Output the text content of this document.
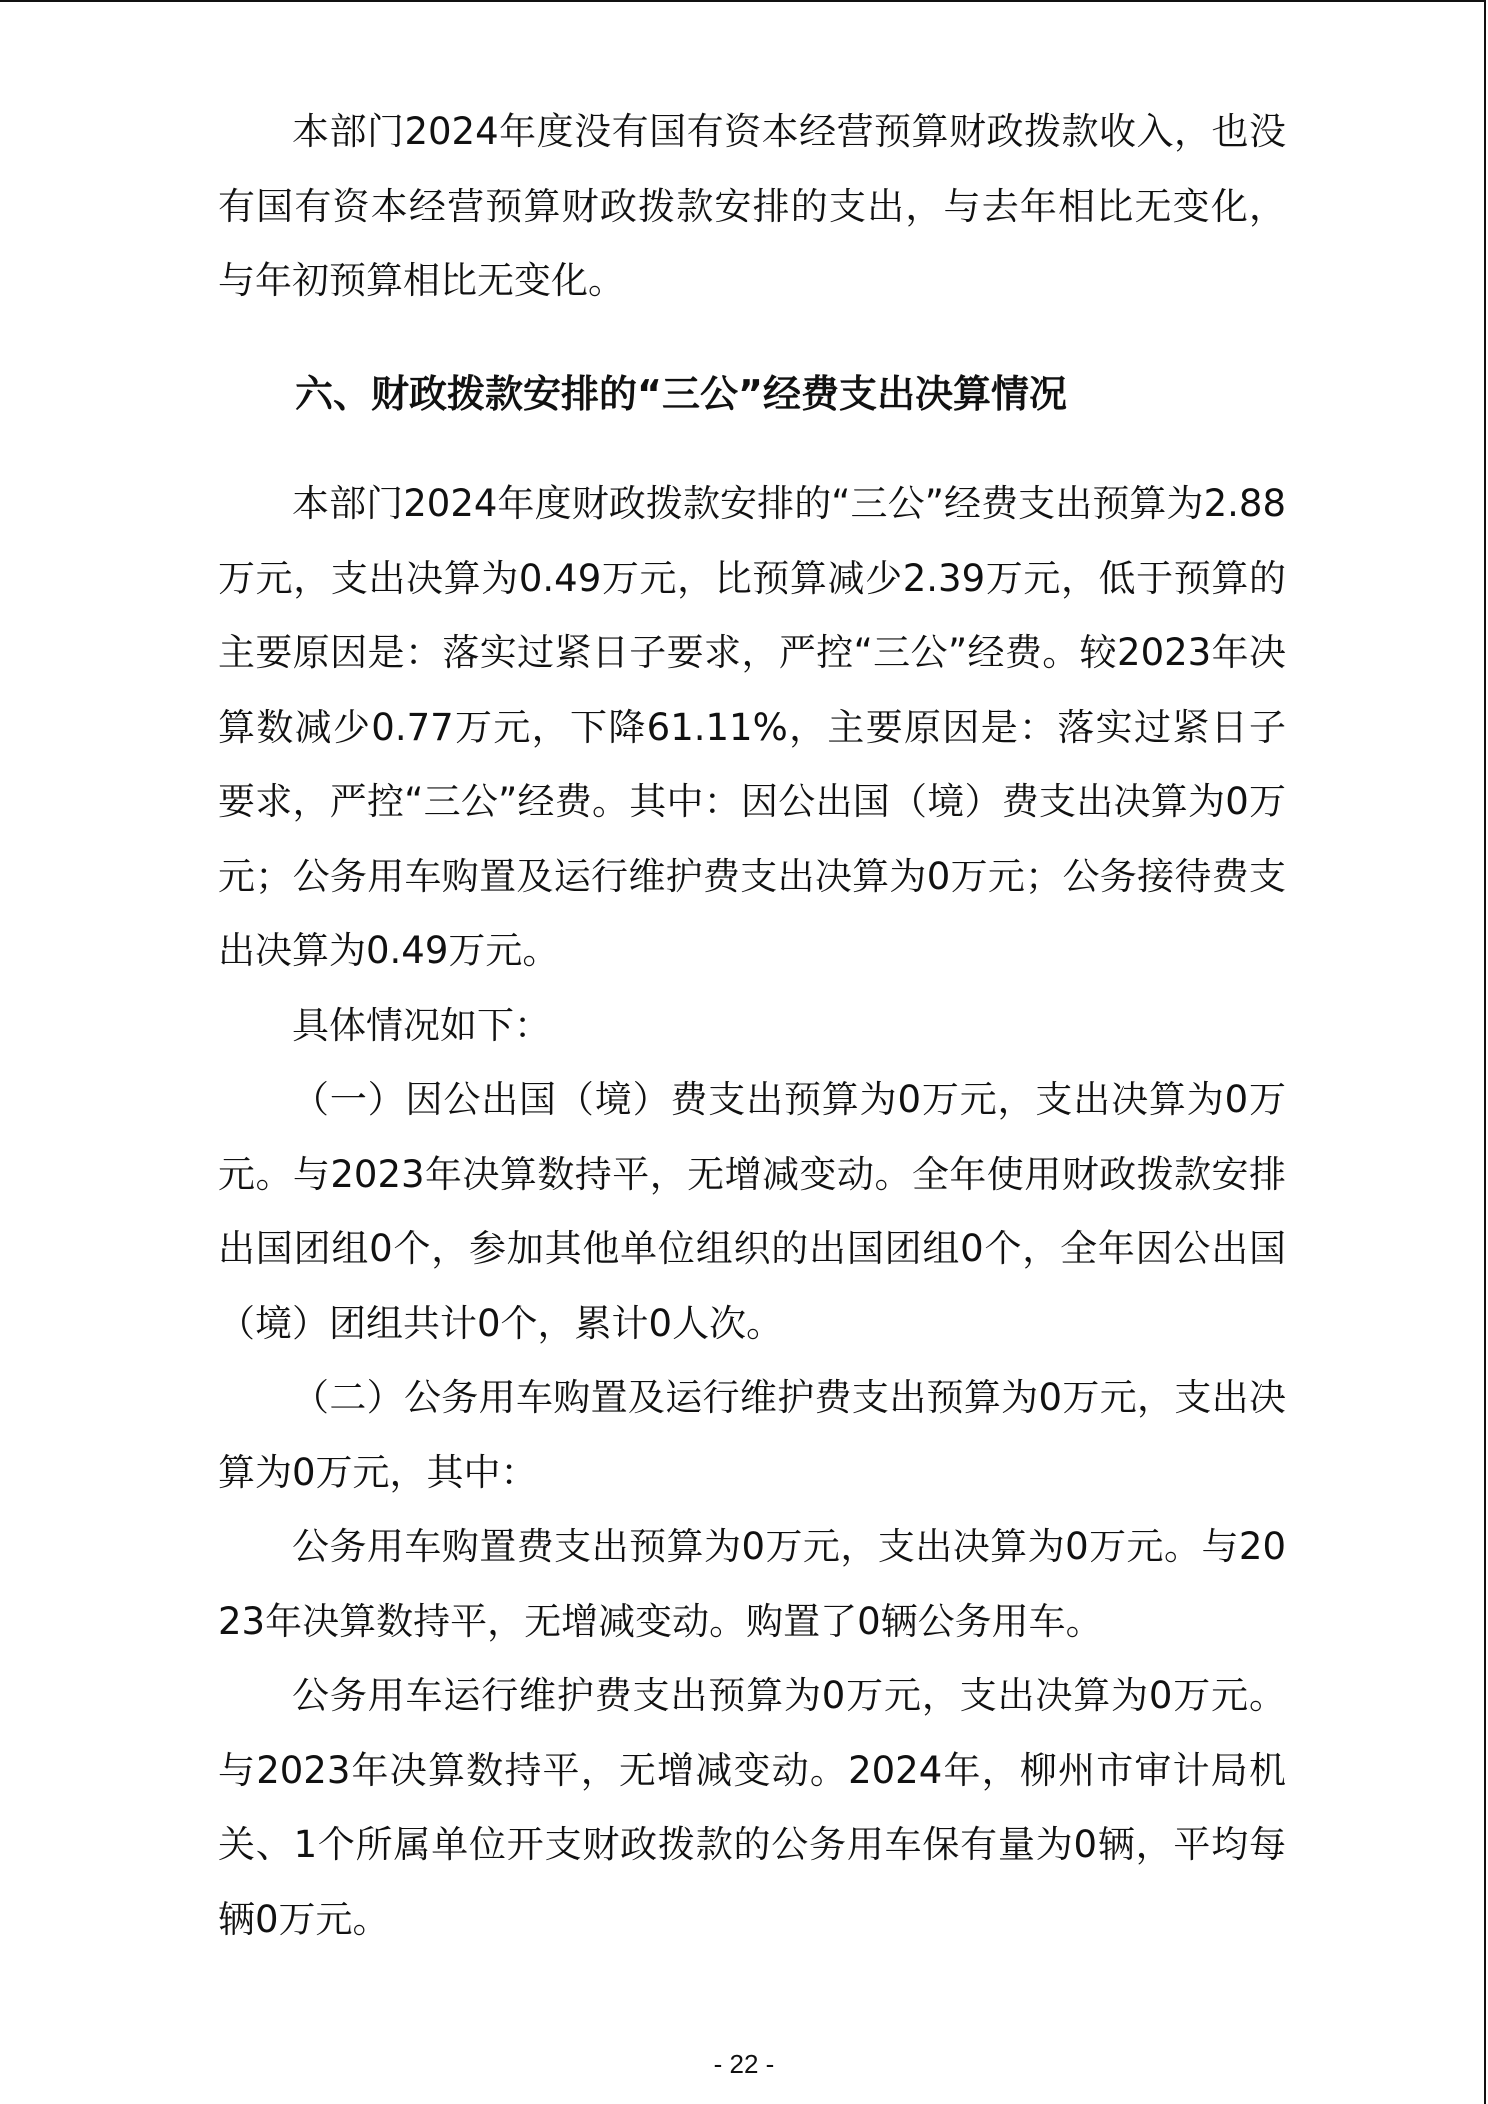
本部门2024年度没有国有资本经营预算财政拨款收入，也没有国有资本经营预算财政拨款安排的支出，与去年相比无变化，与年初预算相比无变化。

六、财政拨款安排的“三公”经费支出决算情况

本部门2024年度财政拨款安排的“三公”经费支出预算为2.88万元，支出决算为0.49万元，比预算减少2.39万元，低于预算的主要原因是：落实过紧日子要求，严控“三公”经费。较2023年决算数减少0.77万元，下降61.11%，主要原因是：落实过紧日子要求，严控“三公”经费。其中：因公出国（境）费支出决算为0万元；公务用车购置及运行维护费支出决算为0万元；公务接待费支出决算为0.49万元。

具体情况如下：

（一）因公出国（境）费支出预算为0万元，支出决算为0万元。与2023年决算数持平，无增减变动。全年使用财政拨款安排出国团组0个，参加其他单位组织的出国团组0个，全年因公出国（境）团组共计0个，累计0人次。

（二）公务用车购置及运行维护费支出预算为0万元，支出决算为0万元，其中：

公务用车购置费支出预算为0万元，支出决算为0万元。与2023年决算数持平，无增减变动。购置了0辆公务用车。

公务用车运行维护费支出预算为0万元，支出决算为0万元。与2023年决算数持平，无增减变动。2024年，柳州市审计局机关、1个所属单位开支财政拨款的公务用车保有量为0辆，平均每辆0万元。

- 22 -
